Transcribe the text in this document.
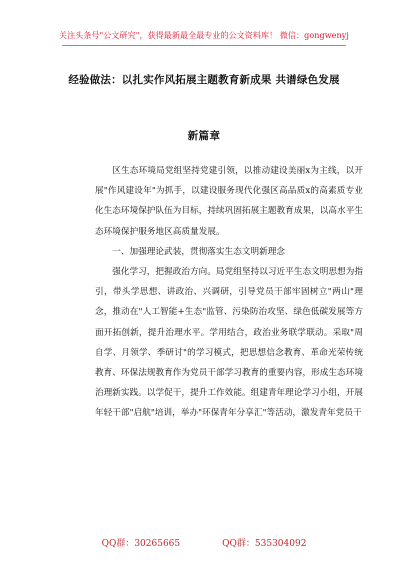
关注头条号"公文研究"，获得最新最全最专业的公文资料库！ 微信：gongwenyj
经验做法：以扎实作风拓展主题教育新成果 共谱绿色发展
新篇章

区生态环境局党组坚持党建引领，以推动建设美丽x为主线，以开展"作风建设年"为抓手，以建设服务现代化强区高品质x的高素质专业化生态环境保护队伍为目标，持续巩固拓展主题教育成果，以高水平生态环境保护服务地区高质量发展。

一、加强理论武装，贯彻落实生态文明新理念

强化学习，把握政治方向。局党组坚持以习近平生态文明思想为指引，带头学思想、讲政治、兴调研，引导党员干部牢固树立"两山"理念，推动在"人工智能+生态"监管、污染防治攻坚、绿色低碳发展等方面开拓创新，提升治理水平。学用结合，政治业务联学联动。采取"周自学、月领学、季研讨"的学习模式，把思想信念教育、革命光荣传统教育、环保法规教育作为党员干部学习教育的重要内容，形成生态环境治理新实践。以学促干，提升工作效能。组建青年理论学习小组，开展年轻干部"启航"培训，举办"环保青年分享汇"等活动，激发青年党员干

QQ群：30265665	QQ群：535304092
